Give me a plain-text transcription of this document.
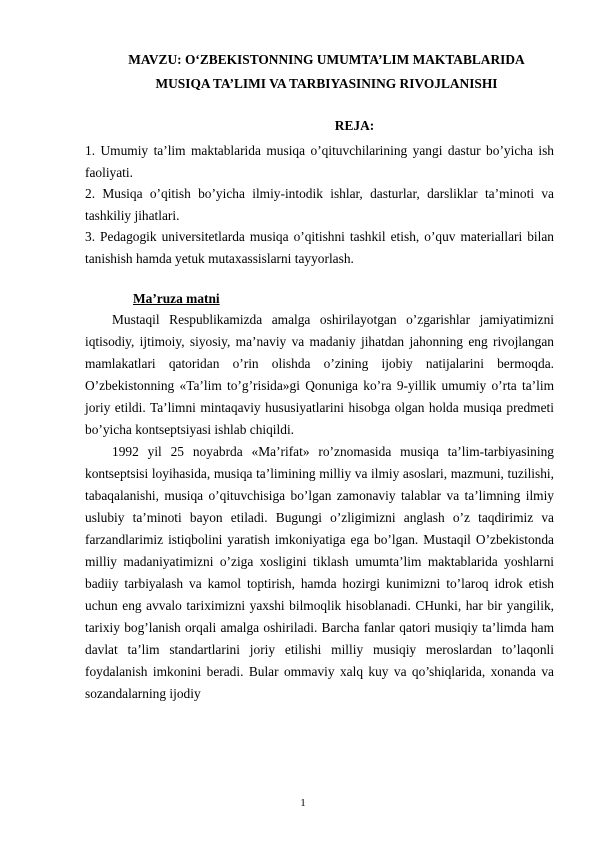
MAVZU: O‘ZBEKISTONNING UMUMTA’LIM MAKTABLARIDA

MUSIQA TA’LIMI VA TARBIYASINING RIVOJLANISHI

REJA:

1. Umumiy ta’lim maktablarida musiqa o’qituvchilarining yangi dastur bo’yicha ish faoliyati.
2. Musiqa o’qitish bo’yicha ilmiy-intodik ishlar, dasturlar, darsliklar ta’minoti va tashkiliy jihatlari.
3. Pedagogik universitetlarda musiqa o’qitishni tashkil etish, o’quv materiallari bilan tanishish hamda yetuk mutaxassislarni tayyorlash.

Ma’ruza matni

Mustaqil Respublikamizda amalga oshirilayotgan o’zgarishlar jamiyatimizni iqtisodiy, ijtimoiy, siyosiy, ma’naviy va madaniy jihatdan jahonning eng rivojlangan mamlakatlari qatoridan o’rin olishda o’zining ijobiy natijalarini bermoqda. O’zbekistonning «Ta’lim to’g’risida»gi Qonuniga ko’ra 9-yillik umumiy o’rta ta’lim joriy etildi. Ta’limni mintaqaviy hususiyatlarini hisobga olgan holda musiqa predmeti bo’yicha kontseptsiyasi ishlab chiqildi.

1992 yil 25 noyabrda «Ma’rifat» ro’znomasida musiqa ta’lim-tarbiyasining kontseptsisi loyihasida, musiqa ta’limining milliy va ilmiy asoslari, mazmuni, tuzilishi, tabaqalanishi, musiqa o’qituvchisiga bo’lgan zamonaviy talablar va ta’limning ilmiy uslubiy ta’minoti bayon etiladi. Bugungi o’zligimizni anglash o’z taqdirimiz va farzandlarimiz istiqbolini yaratish imkoniyatiga ega bo’lgan. Mustaqil O’zbekistonda milliy madaniyatimizni o’ziga xosligini tiklash umumta’lim maktablarida yoshlarni badiiy tarbiyalash va kamol toptirish, hamda hozirgi kunimizni to’laroq idrok etish uchun eng avvalo tariximizni yaxshi bilmoqlik hisoblanadi. CHunki, har bir yangilik, tarixiy bog’lanish orqali amalga oshiriladi. Barcha fanlar qatori musiqiy ta’limda ham davlat ta’lim standartlarini joriy etilishi milliy musiqiy meroslardan to’laqonli foydalanish imkonini beradi. Bular ommaviy xalq kuy va qo’shiqlarida, xonanda va sozandalarning ijodiy

1
